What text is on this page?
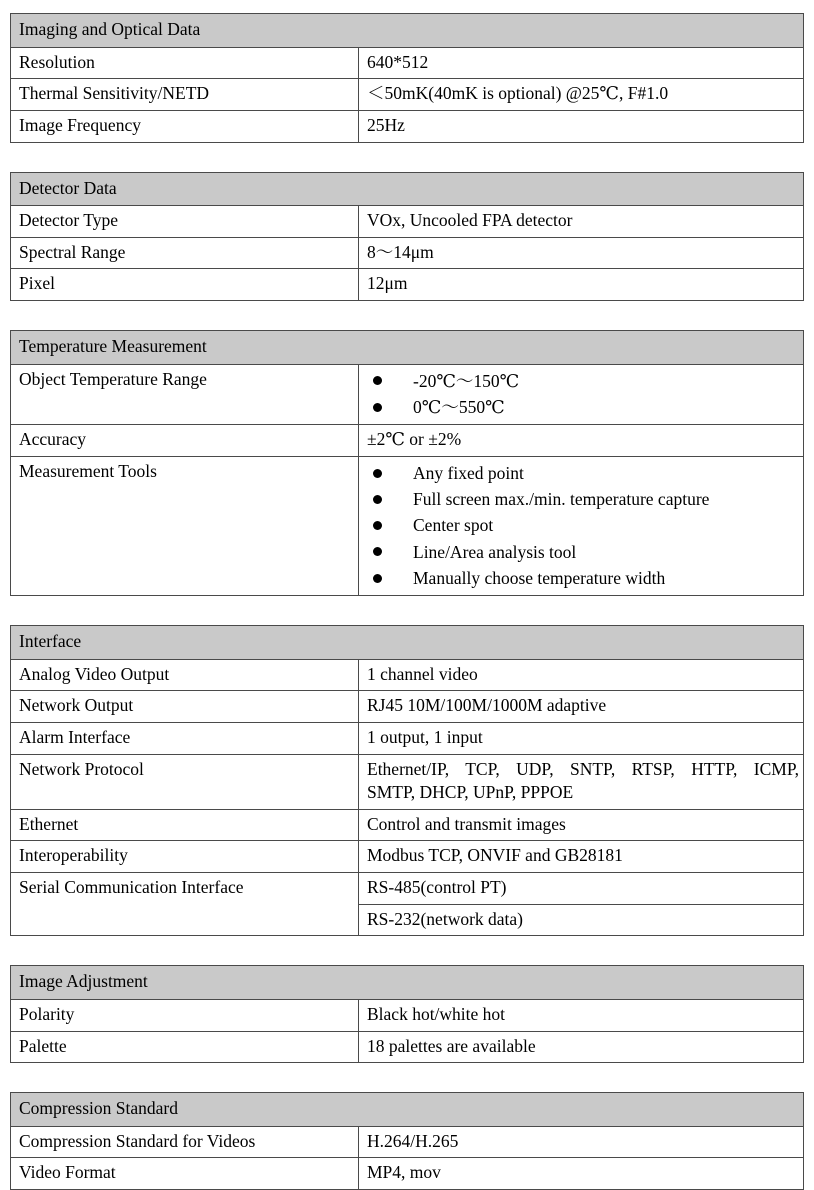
Imaging and Optical Data	
Resolution	640*512
Thermal Sensitivity/NETD	＜50mK(40mK is optional) @25℃, F#1.0
Image Frequency	25Hz
Detector Data	
Detector Type	VOx, Uncooled FPA detector
Spectral Range	8～14μm
Pixel	12μm
Temperature Measurement	
Object Temperature Range	-20℃～150℃
0℃～550℃

Accuracy	±2℃ or ±2%
Measurement Tools	Any fixed point
Full screen max./min. temperature capture
Center spot
Line/Area analysis tool
Manually choose temperature width
Interface	
Analog Video Output	1 channel video
Network Output	RJ45 10M/100M/1000M adaptive
Alarm Interface	1 output, 1 input
Network Protocol	Ethernet/IP, TCP, UDP, SNTP, RTSP, HTTP, ICMP,
SMTP, DHCP, UPnP, PPPOE

Ethernet	Control and transmit images
Interoperability	Modbus TCP, ONVIF and GB28181
Serial Communication Interface	RS-485(control PT)
	RS-232(network data)
Image Adjustment	
Polarity	Black hot/white hot
Palette	18 palettes are available
Compression Standard	
Compression Standard for Videos	H.264/H.265
Video Format	MP4, mov
